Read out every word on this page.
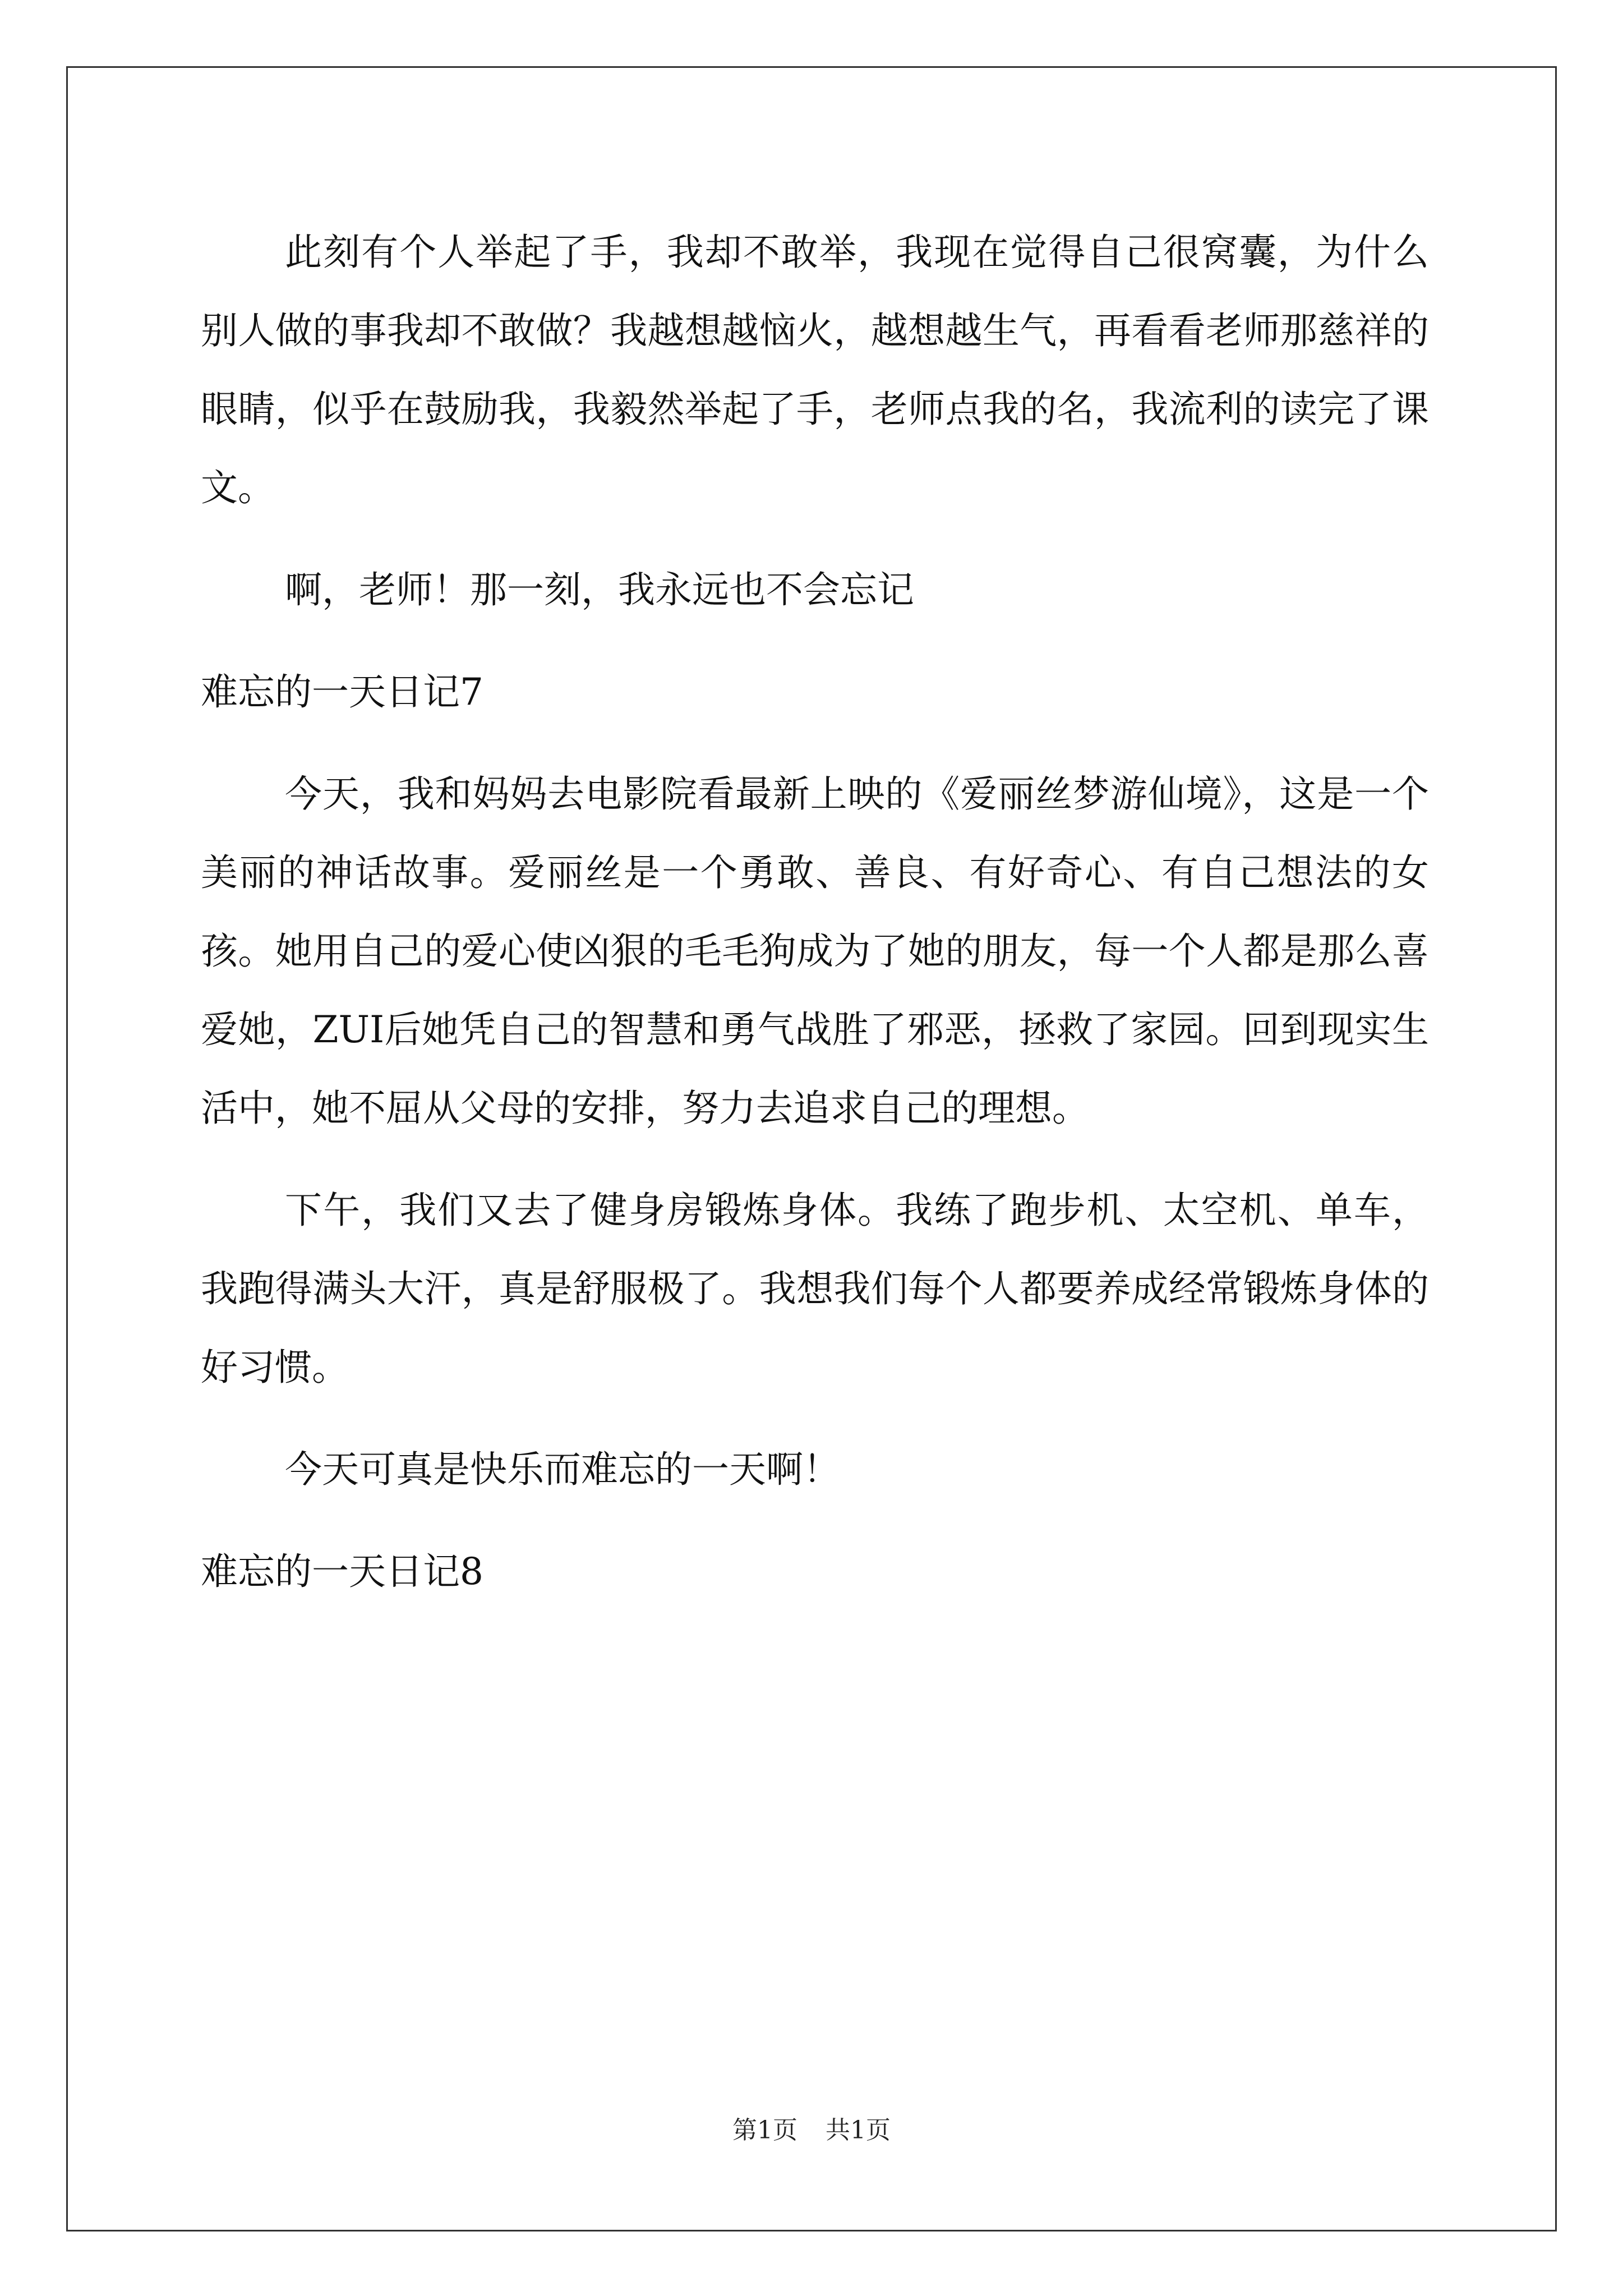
此刻有个人举起了手，我却不敢举，我现在觉得自己很窝囊，为什么别人做的事我却不敢做？我越想越恼火，越想越生气，再看看老师那慈祥的眼睛，似乎在鼓励我，我毅然举起了手，老师点我的名，我流利的读完了课文。

啊，老师！那一刻，我永远也不会忘记

难忘的一天日记7

今天，我和妈妈去电影院看最新上映的《爱丽丝梦游仙境》，这是一个美丽的神话故事。爱丽丝是一个勇敢、善良、有好奇心、有自己想法的女孩。她用自己的爱心使凶狠的毛毛狗成为了她的朋友，每一个人都是那么喜爱她，ZUI后她凭自己的智慧和勇气战胜了邪恶，拯救了家园。回到现实生活中，她不屈从父母的安排，努力去追求自己的理想。

下午，我们又去了健身房锻炼身体。我练了跑步机、太空机、单车，我跑得满头大汗，真是舒服极了。我想我们每个人都要养成经常锻炼身体的好习惯。

今天可真是快乐而难忘的一天啊！

难忘的一天日记8

第1页 共1页
